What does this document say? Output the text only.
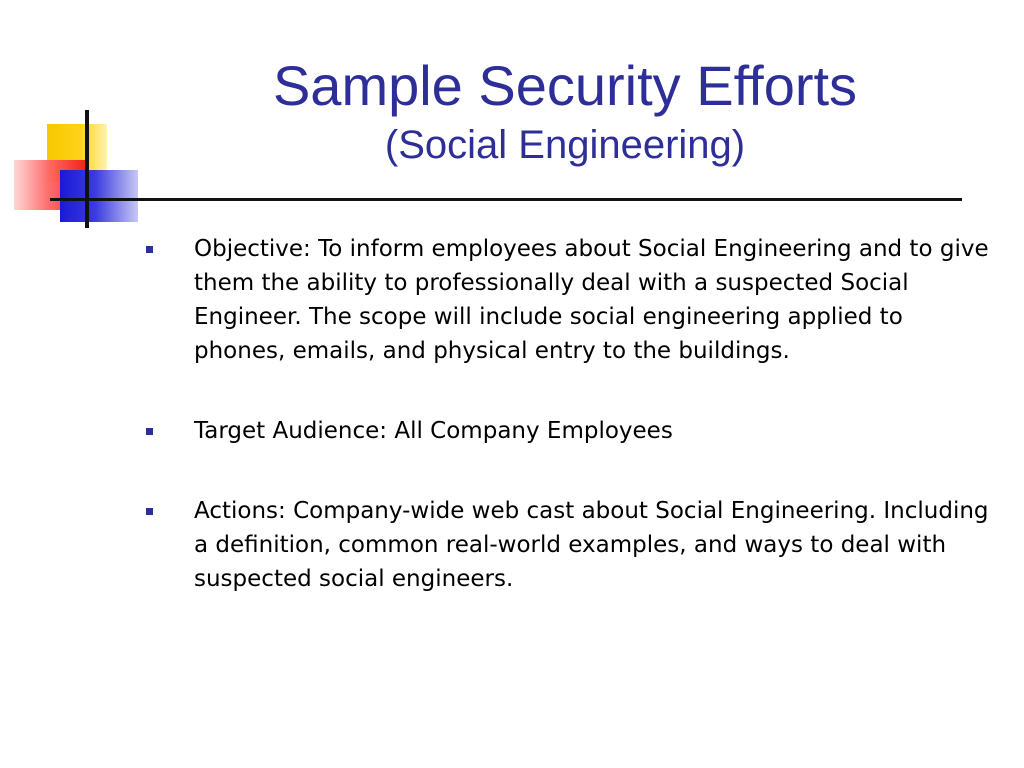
Sample Security Efforts
(Social Engineering)
Objective: To inform employees about Social Engineering and to give them the ability to professionally deal with a suspected Social Engineer. The scope will include social engineering applied to phones, emails, and physical entry to the buildings.
Target Audience: All Company Employees
Actions: Company-wide web cast about Social Engineering. Including a definition, common real-world examples, and ways to deal with suspected social engineers.
